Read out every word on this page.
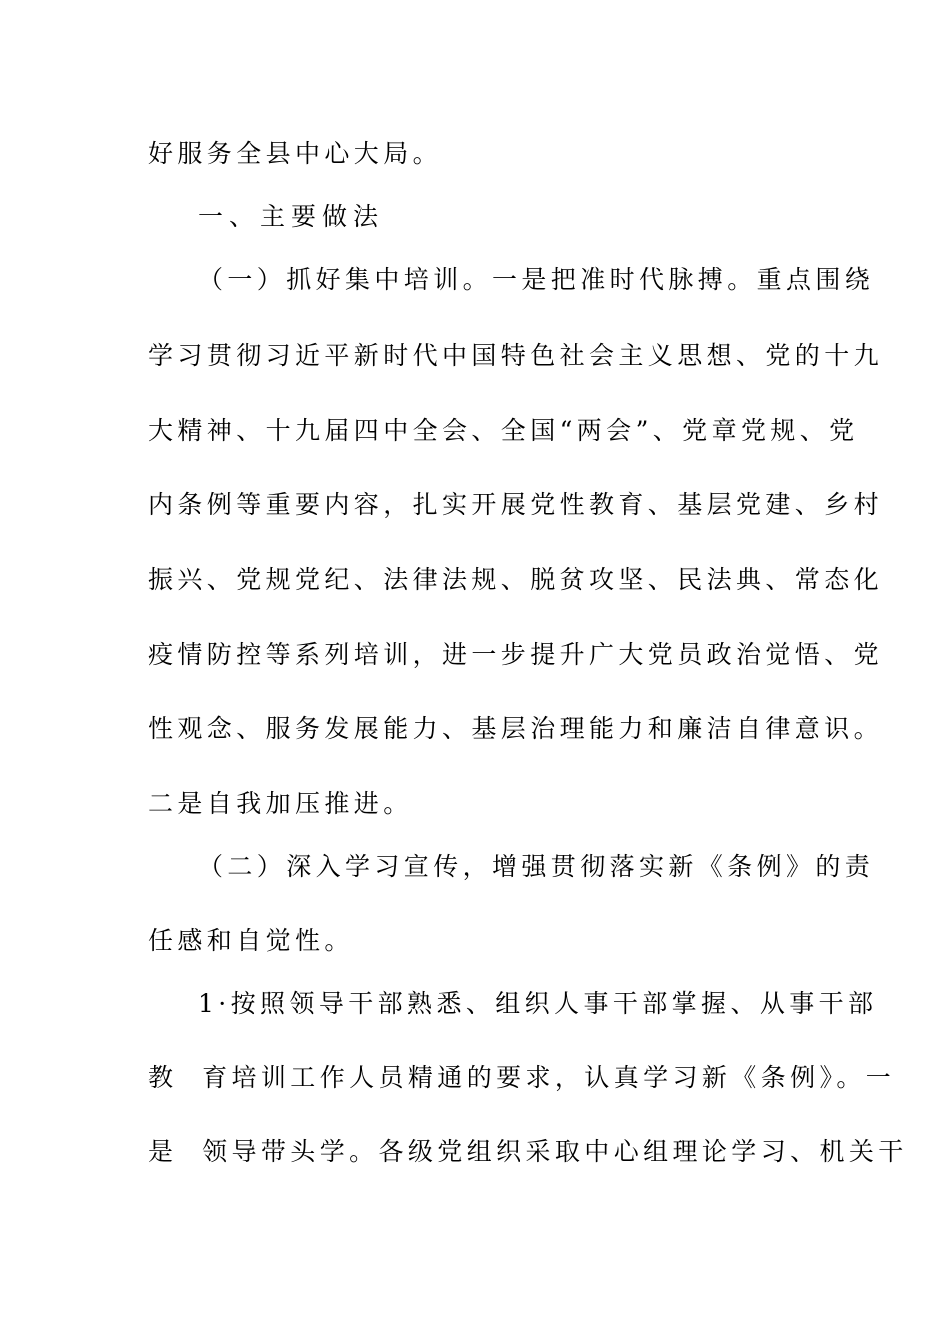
好服务全县中心大局。
一、主要做法
（一）抓好集中培训。一是把准时代脉搏。重点围绕
学习贯彻习近平新时代中国特色社会主义思想、党的十九
大精神、十九届四中全会、全国“两会”、党章党规、党
内条例等重要内容，扎实开展党性教育、基层党建、乡村
振兴、党规党纪、法律法规、脱贫攻坚、民法典、常态化
疫情防控等系列培训，进一步提升广大党员政治觉悟、党
性观念、服务发展能力、基层治理能力和廉洁自律意识。
二是自我加压推进。
（二）深入学习宣传，增强贯彻落实新《条例》的责
任感和自觉性。
1·按照领导干部熟悉、组织人事干部掌握、从事干部
教  育培训工作人员精通的要求，认真学习新《条例》。一
是  领导带头学。各级党组织采取中心组理论学习、机关干
